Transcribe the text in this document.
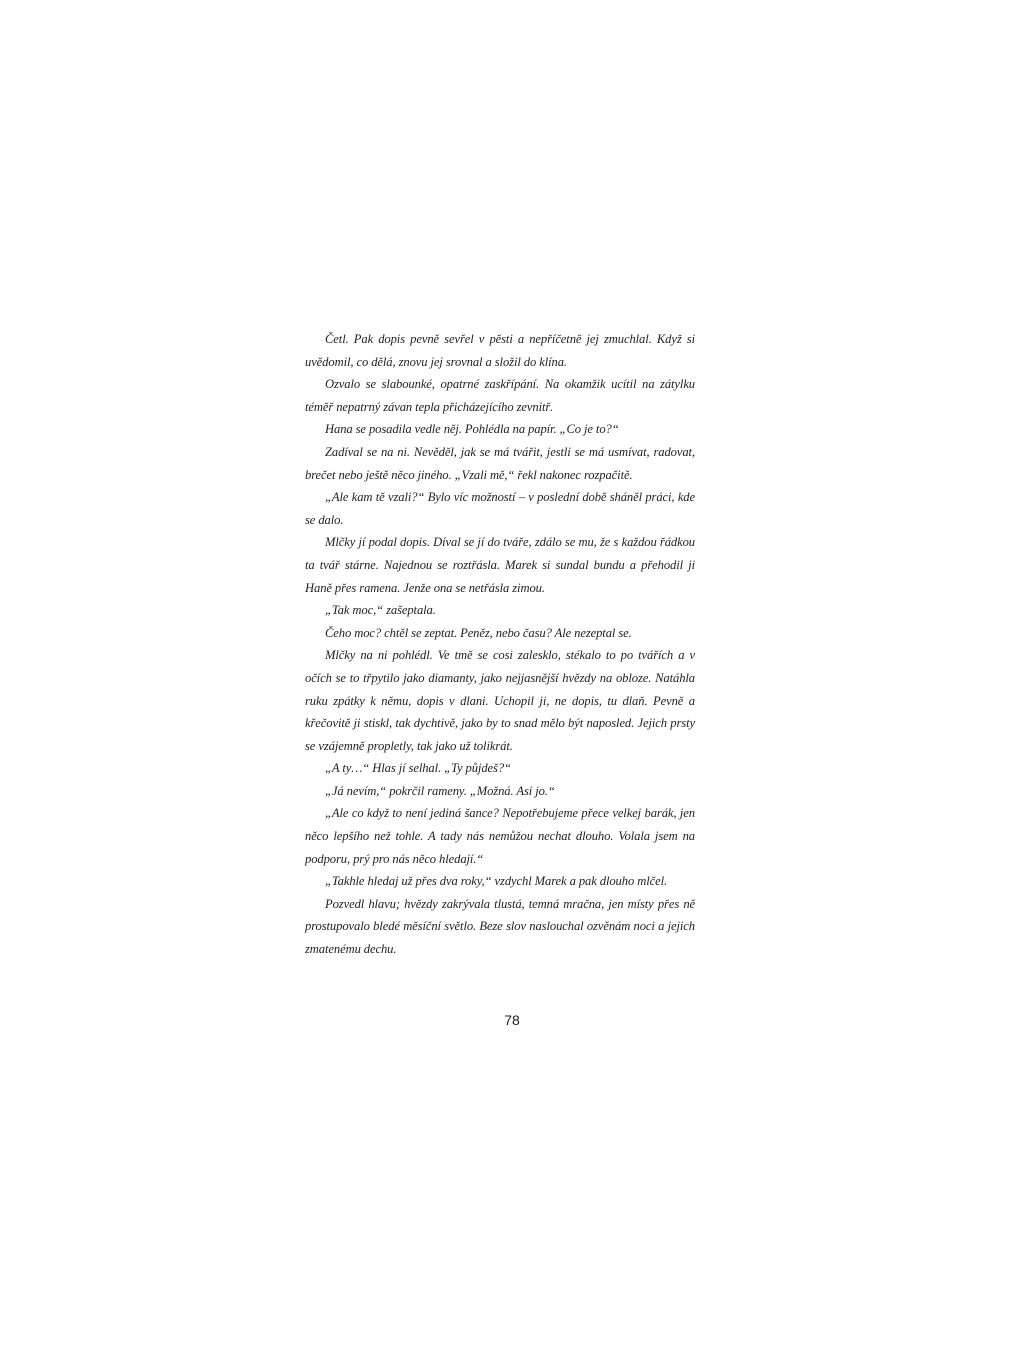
Četl. Pak dopis pevně sevřel v pěsti a nepříčetně jej zmuchlal. Když si uvědomil, co dělá, znovu jej srovnal a složil do klína.

Ozvalo se slabounké, opatrné zaskřípání. Na okamžik ucítil na zátylku téměř nepatrný závan tepla přicházejícího zevnitř.

Hana se posadila vedle něj. Pohlédla na papír. „Co je to?“

Zadíval se na ni. Nevěděl, jak se má tvářit, jestli se má usmívat, radovat, brečet nebo ještě něco jiného. „Vzali mě,“ řekl nakonec rozpačitě.

„Ale kam tě vzali?“ Bylo víc možností – v poslední době sháněl práci, kde se dalo.

Mlčky jí podal dopis. Díval se jí do tváře, zdálo se mu, že s každou řádkou ta tvář stárne. Najednou se roztřásla. Marek si sundal bundu a přehodil ji Haně přes ramena. Jenže ona se netřásla zimou.

„Tak moc,“ zašeptala.

Čeho moc? chtěl se zeptat. Peněz, nebo času? Ale nezeptal se.

Mlčky na ni pohlédl. Ve tmě se cosi zalesklo, stékalo to po tvářích a v očích se to třpytilo jako diamanty, jako nejjasnější hvězdy na obloze. Natáhla ruku zpátky k němu, dopis v dlani. Uchopil ji, ne dopis, tu dlaň. Pevně a křečovitě ji stiskl, tak dychtivě, jako by to snad mělo být naposled. Jejich prsty se vzájemně propletly, tak jako už tolikrát.

„A ty…“ Hlas jí selhal. „Ty půjdeš?“

„Já nevím,“ pokrčil rameny. „Možná. Asi jo.“

„Ale co když to není jediná šance? Nepotřebujeme přece velkej barák, jen něco lepšího než tohle. A tady nás nemůžou nechat dlouho. Volala jsem na podporu, prý pro nás něco hledají.“

„Takhle hledaj už přes dva roky,“ vzdychl Marek a pak dlouho mlčel.

Pozvedl hlavu; hvězdy zakrývala tlustá, temná mračna, jen místy přes ně prostupovalo bledé měsíční světlo. Beze slov naslouchal ozvěnám noci a jejich zmatenému dechu.

78
